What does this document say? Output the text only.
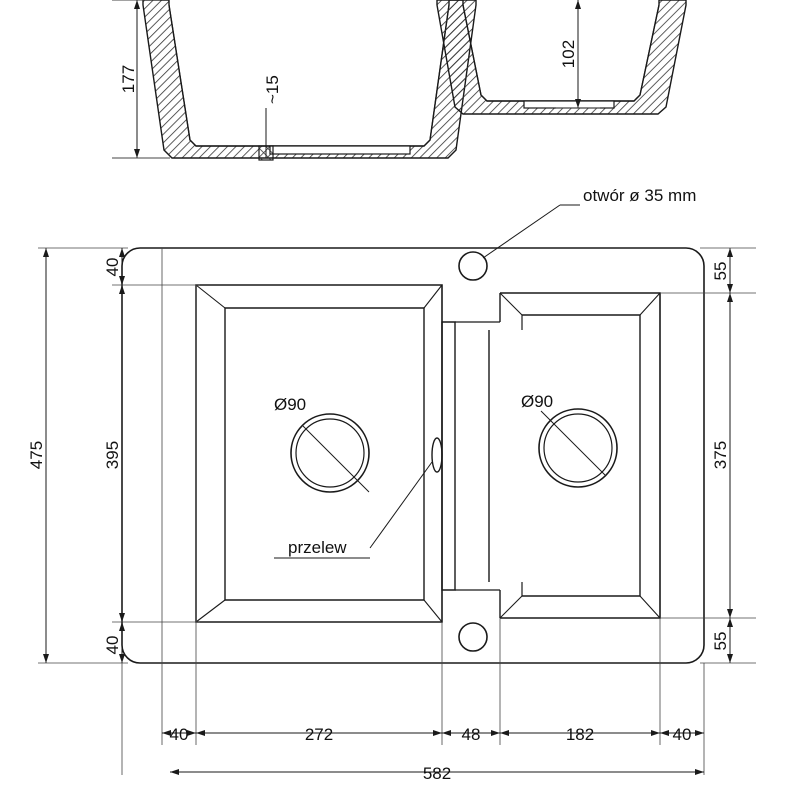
177
102
~15
Ø90
przelew
Ø90
otwór ø 35 mm
475
40
395
40
55
375
55
40	272	48	182	40
582
